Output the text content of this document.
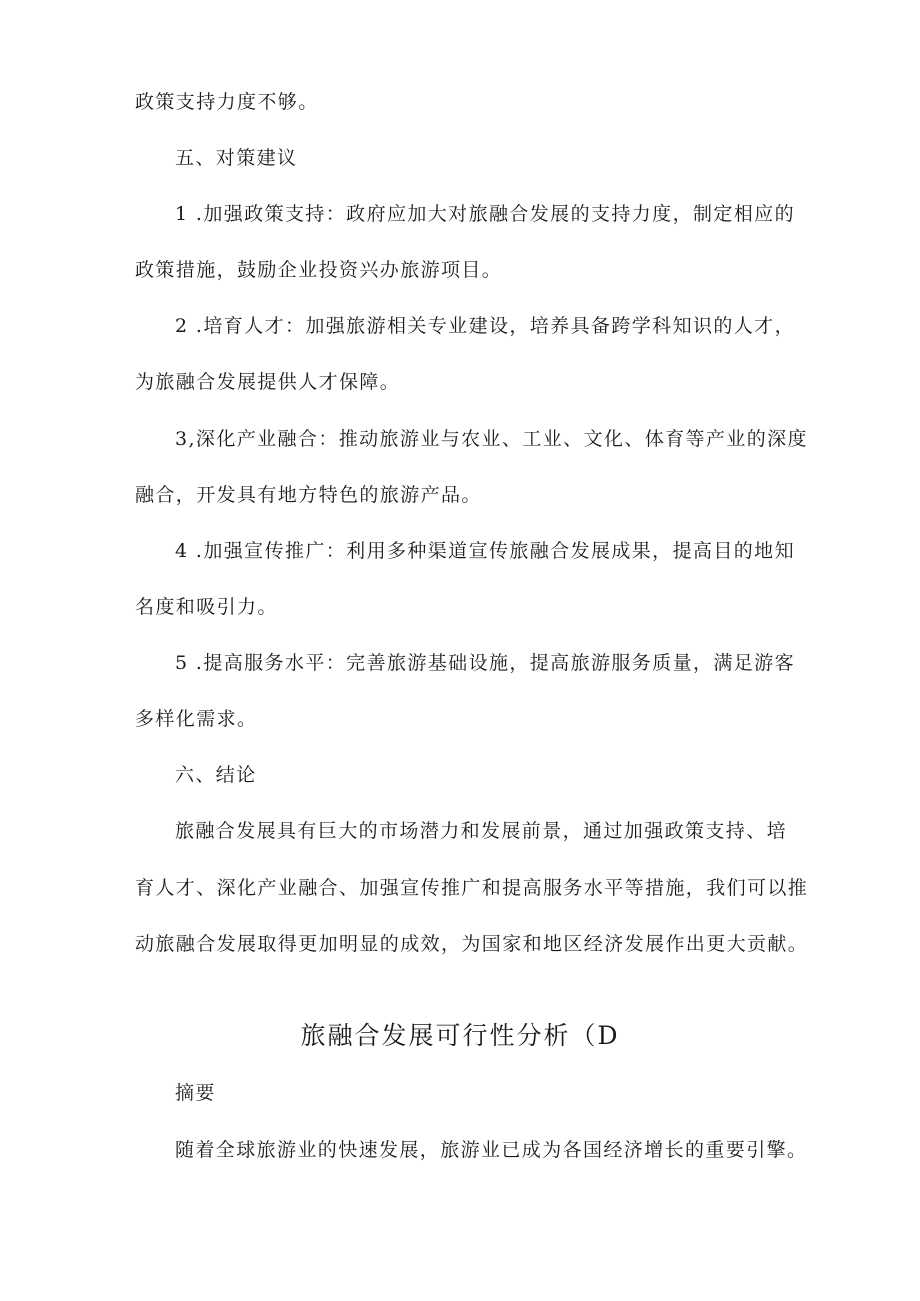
政策支持力度不够。
五、对策建议
1 .加强政策支持：政府应加大对旅融合发展的支持力度，制定相应的
政策措施，鼓励企业投资兴办旅游项目。
2 .培育人才：加强旅游相关专业建设，培养具备跨学科知识的人才，
为旅融合发展提供人才保障。
3,深化产业融合：推动旅游业与农业、工业、文化、体育等产业的深度
融合，开发具有地方特色的旅游产品。
4 .加强宣传推广：利用多种渠道宣传旅融合发展成果，提高目的地知
名度和吸引力。
5 .提高服务水平：完善旅游基础设施，提高旅游服务质量，满足游客
多样化需求。
六、结论
旅融合发展具有巨大的市场潜力和发展前景，通过加强政策支持、培
育人才、深化产业融合、加强宣传推广和提高服务水平等措施，我们可以推
动旅融合发展取得更加明显的成效，为国家和地区经济发展作出更大贡献。
旅融合发展可行性分析（D
摘要
随着全球旅游业的快速发展，旅游业已成为各国经济增长的重要引擎。
